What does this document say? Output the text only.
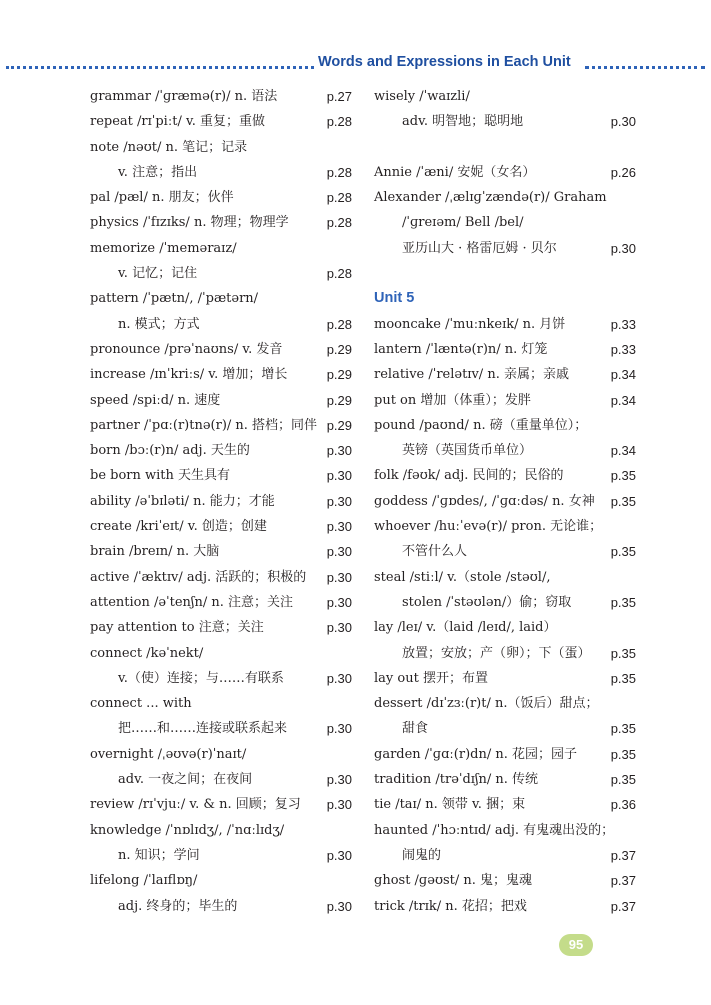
Words and Expressions in Each Unit
grammar /ˈɡræmə(r)/ n. 语法	p.27
repeat /rɪˈpiːt/ v. 重复；重做	p.28
note /nəʊt/ n. 笔记；记录
v. 注意；指出	p.28
pal /pæl/ n. 朋友；伙伴	p.28
physics /ˈfɪzɪks/ n. 物理；物理学	p.28
memorize /ˈmeməraɪz/
v. 记忆；记住	p.28
pattern /ˈpætn/, /ˈpætərn/
n. 模式；方式	p.28
pronounce /prəˈnaʊns/ v. 发音	p.29
increase /ɪnˈkriːs/ v. 增加；增长	p.29
speed /spiːd/ n. 速度	p.29
partner /ˈpɑː(r)tnə(r)/ n. 搭档；同伴 p.29
born /bɔː(r)n/ adj. 天生的	p.30
be born with 天生具有	p.30
ability /əˈbɪləti/ n. 能力；才能	p.30
create /kriˈeɪt/ v. 创造；创建	p.30
brain /breɪn/ n. 大脑	p.30
active /ˈæktɪv/ adj. 活跃的；积极的 p.30
attention /əˈtenʃn/ n. 注意；关注	p.30
pay attention to 注意；关注	p.30
connect /kəˈnekt/
v.（使）连接；与……有联系	p.30
connect ... with
把……和……连接或联系起来	p.30
overnight /ˌəʊvə(r)ˈnaɪt/
adv. 一夜之间；在夜间	p.30
review /rɪˈvjuː/ v. & n. 回顾；复习 p.30
knowledge /ˈnɒlɪdʒ/, /ˈnɑːlɪdʒ/
n. 知识；学问	p.30
lifelong /ˈlaɪflɒŋ/
adj. 终身的；毕生的	p.30
wisely /ˈwaɪzli/
adv. 明智地；聪明地	p.30
Annie /ˈæni/ 安妮（女名）	p.26
Alexander /ˌælɪɡˈzændə(r)/ Graham
/ˈɡreɪəm/ Bell /bel/
亚历山大 · 格雷厄姆 · 贝尔	p.30
Unit 5
mooncake /ˈmuːnkeɪk/ n. 月饼	p.33
lantern /ˈlæntə(r)n/ n. 灯笼	p.33
relative /ˈrelətɪv/ n. 亲属；亲戚	p.34
put on 增加（体重）；发胖	p.34
pound /paʊnd/ n. 磅（重量单位）；
英镑（英国货币单位）	p.34
folk /fəʊk/ adj. 民间的；民俗的	p.35
goddess /ˈɡɒdes/, /ˈɡɑːdəs/ n. 女神 p.35
whoever /huːˈevə(r)/ pron. 无论谁；
不管什么人	p.35
steal /stiːl/ v.（stole /stəʊl/,
stolen /ˈstəʊlən/）偷；窃取	p.35
lay /leɪ/ v.（laid /leɪd/, laid）
放置；安放；产（卵）；下（蛋） p.35
lay out 摆开；布置	p.35
dessert /dɪˈzɜː(r)t/ n.（饭后）甜点；
甜食	p.35
garden /ˈɡɑː(r)dn/ n. 花园；园子	p.35
tradition /trəˈdɪʃn/ n. 传统	p.35
tie /taɪ/ n. 领带 v. 捆；束	p.36
haunted /ˈhɔːntɪd/ adj. 有鬼魂出没的；
闹鬼的	p.37
ghost /ɡəʊst/ n. 鬼；鬼魂	p.37
trick /trɪk/ n. 花招；把戏	p.37
95
